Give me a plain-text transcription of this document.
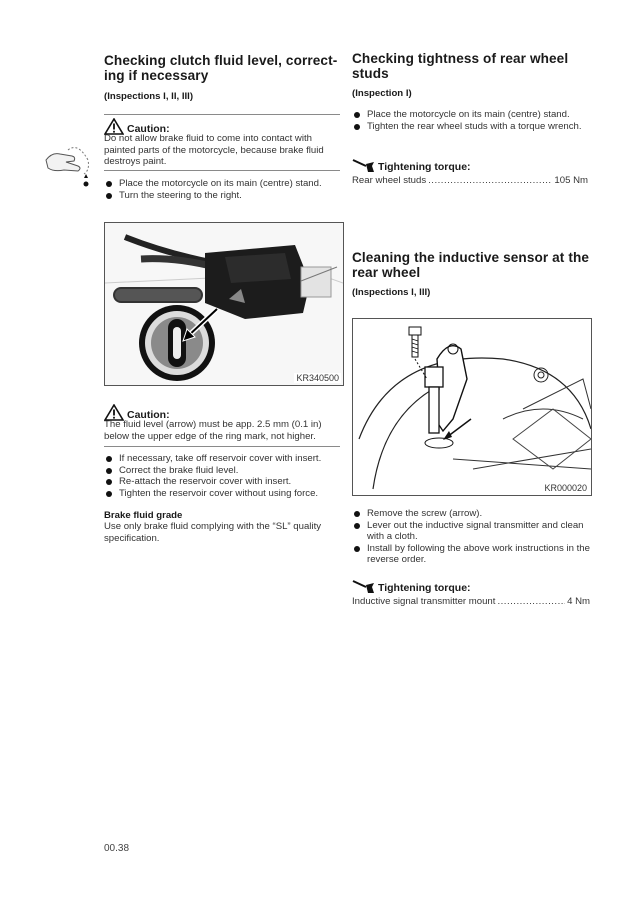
Checking clutch fluid level, correct-
ing if necessary
(Inspections I, II, III)
Caution:
Do not allow brake fluid to come into contact with painted parts of the motorcycle, because brake fluid destroys paint.
Place the motorcycle on its main (centre) stand.
Turn the steering to the right.
KR340500
Caution:
The fluid level (arrow) must be app. 2.5 mm (0.1 in) below the upper edge of the ring mark, not higher.
If necessary, take off reservoir cover with insert.
Correct the brake fluid level.
Re-attach the reservoir cover with insert.
Tighten the reservoir cover without using force.
Brake fluid grade
Use only brake fluid complying with the “SL” quality specification.
00.38
Checking tightness of rear wheel
studs
(Inspection I)
Place the motorcycle on its main (centre) stand.
Tighten the rear wheel studs with a torque wrench.
Tightening torque:
Rear wheel studs .....	105 Nm
Cleaning the inductive sensor at the
rear wheel
(Inspections I, III)
KR000020
Remove the screw (arrow).
Lever out the inductive signal transmitter and clean with a cloth.
Install by following the above work instructions in the reverse order.
Tightening torque:
Inductive signal transmitter mount .....	4 Nm
